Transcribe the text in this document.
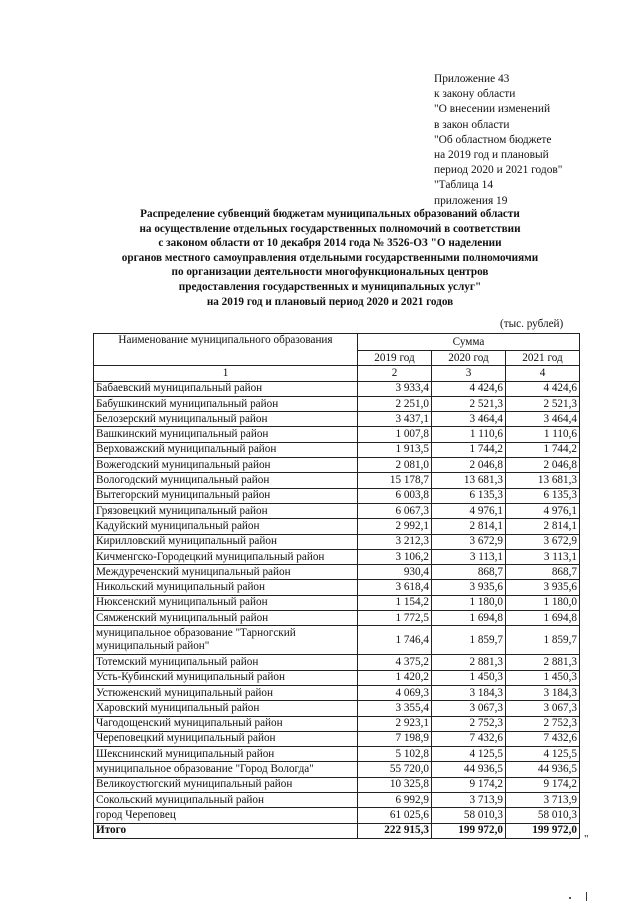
Приложение 43
к закону области
"О внесении изменений
в закон области
"Об областном бюджете
на 2019 год и плановый
период 2020 и 2021 годов"
"Таблица 14
приложения 19
Распределение субвенций бюджетам муниципальных образований области
на осуществление отдельных государственных полномочий в соответствии
с законом области от 10 декабря 2014 года № 3526-ОЗ "О наделении
органов местного самоуправления отдельными государственными полномочиями
по организации деятельности многофункциональных центров
предоставления государственных и муниципальных услуг"
на 2019 год и плановый период 2020 и 2021 годов
(тыс. рублей)
Наименование муниципального образования	Сумма		
	2019 год	2020 год	2021 год
1	2	3	4
Бабаевский муниципальный район	3 933,4	4 424,6	4 424,6
Бабушкинский муниципальный район	2 251,0	2 521,3	2 521,3
Белозерский муниципальный район	3 437,1	3 464,4	3 464,4
Вашкинский муниципальный район	1 007,8	1 110,6	1 110,6
Верховажский муниципальный район	1 913,5	1 744,2	1 744,2
Вожегодский муниципальный район	2 081,0	2 046,8	2 046,8
Вологодский муниципальный район	15 178,7	13 681,3	13 681,3
Вытегорский муниципальный район	6 003,8	6 135,3	6 135,3
Грязовецкий муниципальный район	6 067,3	4 976,1	4 976,1
Кадуйский муниципальный район	2 992,1	2 814,1	2 814,1
Кирилловский муниципальный район	3 212,3	3 672,9	3 672,9
Кичменгско-Городецкий муниципальный район	3 106,2	3 113,1	3 113,1
Междуреченский муниципальный район	930,4	868,7	868,7
Никольский муниципальный район	3 618,4	3 935,6	3 935,6
Нюксенский муниципальный район	1 154,2	1 180,0	1 180,0
Сямженский муниципальный район	1 772,5	1 694,8	1 694,8

муниципальное образование "Тарногский муниципальный район"	1 746,4	1 859,7	1 859,7
Тотемский муниципальный район	4 375,2	2 881,3	2 881,3
Усть-Кубинский муниципальный район	1 420,2	1 450,3	1 450,3
Устюженский муниципальный район	4 069,3	3 184,3	3 184,3
Харовский муниципальный район	3 355,4	3 067,3	3 067,3
Чагодощенский муниципальный район	2 923,1	2 752,3	2 752,3
Череповецкий муниципальный район	7 198,9	7 432,6	7 432,6
Шекснинский муниципальный район	5 102,8	4 125,5	4 125,5
муниципальное образование "Город Вологда"	55 720,0	44 936,5	44 936,5
Великоустюгский муниципальный район	10 325,8	9 174,2	9 174,2
Сокольский муниципальный район	6 992,9	3 713,9	3 713,9
город Череповец	61 025,6	58 010,3	58 010,3
Итого	222 915,3	199 972,0	199 972,0
"
